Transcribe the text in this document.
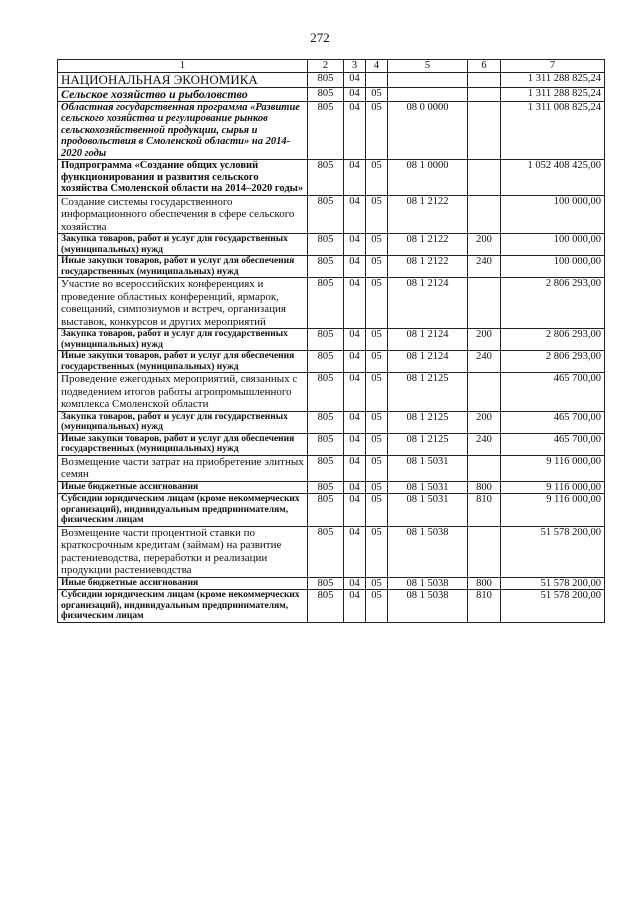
272
1	2	3	4	5	6	7
НАЦИОНАЛЬНАЯ ЭКОНОМИКА	805	04				1 311 288 825,24
Сельское хозяйство и рыболовство	805	04	05			1 311 288 825,24
Областная государственная программа «Развитие сельского хозяйства и регулирование рынков сельскохозяйственной продукции, сырья и продовольствия в Смоленской области» на 2014-2020 годы	805	04	05	08 0 0000		1 311 008 825,24
Подпрограмма «Создание общих условий функционирования и развития сельского хозяйства Смоленской области на 2014–2020 годы»	805	04	05	08 1 0000		1 052 408 425,00
Создание системы государственного информационного обеспечения в сфере сельского хозяйства	805	04	05	08 1 2122		100 000,00
Закупка товаров, работ и услуг для государственных (муниципальных) нужд	805	04	05	08 1 2122	200	100 000,00
Иные закупки товаров, работ и услуг для обеспечения государственных (муниципальных) нужд	805	04	05	08 1 2122	240	100 000,00
Участие во всероссийских конференциях и проведение областных конференций, ярмарок, совещаний, симпозиумов и встреч, организация выставок, конкурсов и других мероприятий	805	04	05	08 1 2124		2 806 293,00
Закупка товаров, работ и услуг для государственных (муниципальных) нужд	805	04	05	08 1 2124	200	2 806 293,00
Иные закупки товаров, работ и услуг для обеспечения государственных (муниципальных) нужд	805	04	05	08 1 2124	240	2 806 293,00
Проведение ежегодных мероприятий, связанных с подведением итогов работы агропромышленного комплекса Смоленской области	805	04	05	08 1 2125		465 700,00
Закупка товаров, работ и услуг для государственных (муниципальных) нужд	805	04	05	08 1 2125	200	465 700,00
Иные закупки товаров, работ и услуг для обеспечения государственных (муниципальных) нужд	805	04	05	08 1 2125	240	465 700,00
Возмещение части затрат на приобретение элитных семян	805	04	05	08 1 5031		9 116 000,00
Иные бюджетные ассигнования	805	04	05	08 1 5031	800	9 116 000,00
Субсидии юридическим лицам (кроме некоммерческих организаций), индивидуальным предпринимателям, физическим лицам	805	04	05	08 1 5031	810	9 116 000,00
Возмещение части процентной ставки по краткосрочным кредитам (займам) на развитие растениеводства, переработки и реализации продукции растениеводства	805	04	05	08 1 5038		51 578 200,00
Иные бюджетные ассигнования	805	04	05	08 1 5038	800	51 578 200,00
Субсидии юридическим лицам (кроме некоммерческих организаций), индивидуальным предпринимателям, физическим лицам	805	04	05	08 1 5038	810	51 578 200,00
